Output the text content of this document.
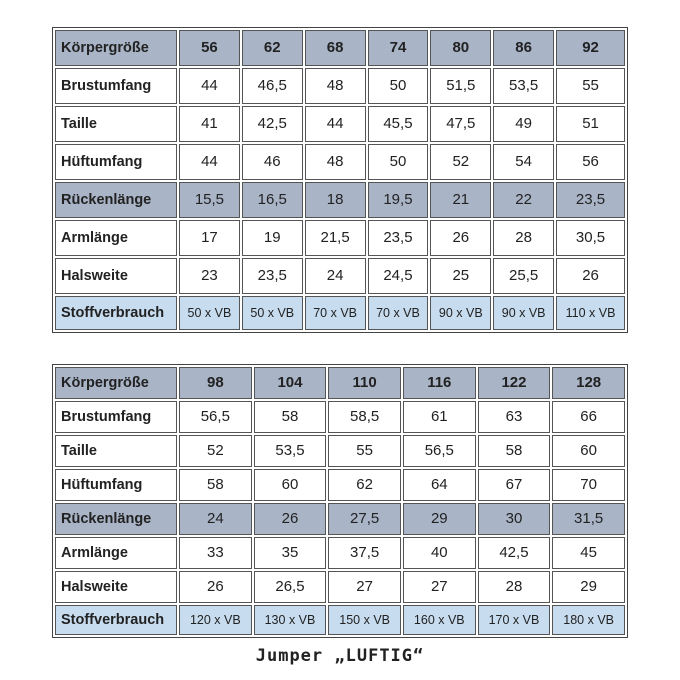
Körpergröße	56	62	68	74	80	86	92
Brustumfang	44	46,5	48	50	51,5	53,5	55
Taille	41	42,5	44	45,5	47,5	49	51
Hüftumfang	44	46	48	50	52	54	56
Rückenlänge	15,5	16,5	18	19,5	21	22	23,5
Armlänge	17	19	21,5	23,5	26	28	30,5
Halsweite	23	23,5	24	24,5	25	25,5	26
Stoffverbrauch	50 x VB	50 x VB	70 x VB	70 x VB	90 x VB	90 x VB	110 x VB
Körpergröße	98	104	110	116	122	128
Brustumfang	56,5	58	58,5	61	63	66
Taille	52	53,5	55	56,5	58	60
Hüftumfang	58	60	62	64	67	70
Rückenlänge	24	26	27,5	29	30	31,5
Armlänge	33	35	37,5	40	42,5	45
Halsweite	26	26,5	27	27	28	29
Stoffverbrauch	120 x VB	130 x VB	150 x VB	160 x VB	170 x VB	180 x VB
Jumper „LUFTIG“
